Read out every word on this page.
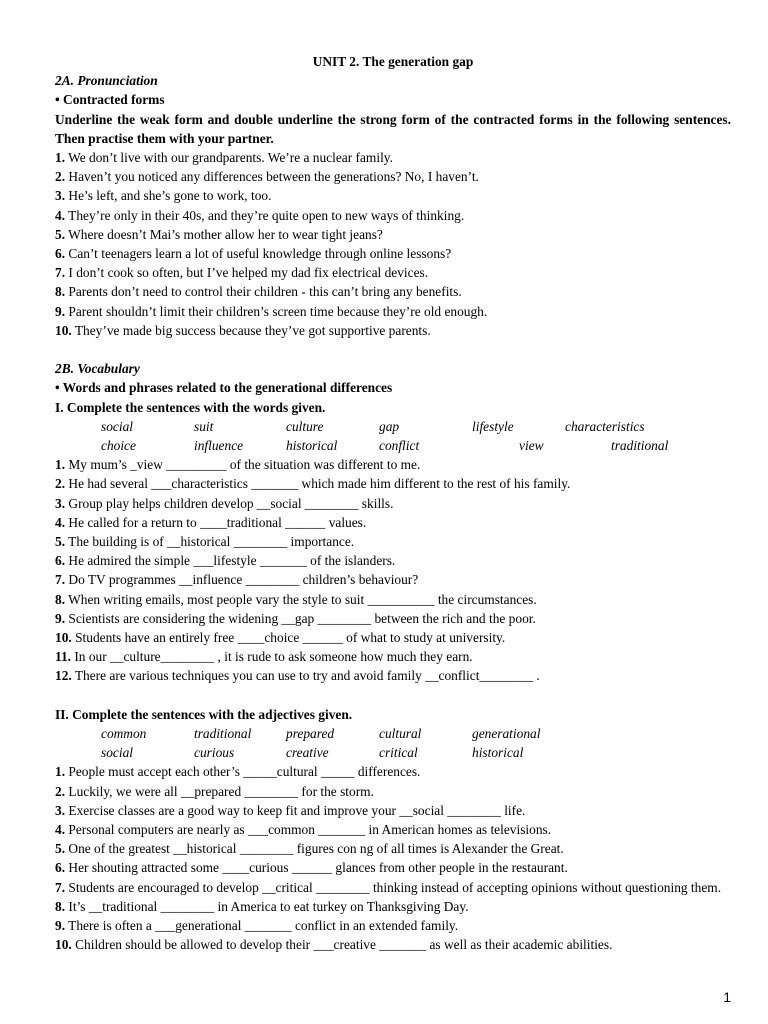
UNIT 2. The generation gap
2A. Pronunciation
• Contracted forms
Underline the weak form and double underline the strong form of the contracted forms in the following sentences. Then practise them with your partner.
1. We don’t live with our grandparents. We’re a nuclear family.
2. Haven’t you noticed any differences between the generations? No, I haven’t.
3. He’s left, and she’s gone to work, too.
4. They’re only in their 40s, and they’re quite open to new ways of thinking.
5. Where doesn’t Mai’s mother allow her to wear tight jeans?
6. Can’t teenagers learn a lot of useful knowledge through online lessons?
7. I don’t cook so often, but I’ve helped my dad fix electrical devices.
8. Parents don’t need to control their children - this can’t bring any benefits.
9. Parent shouldn’t limit their children’s screen time because they’re old enough.
10. They’ve made big success because they’ve got supportive parents.
2B. Vocabulary
• Words and phrases related to the generational differences
I. Complete the sentences with the words given.
social	suit	culture	gap	lifestyle	characteristics
choice	influence	historical	conflict	view	traditional
1. My mum’s _view _________ of the situation was different to me.
2. He had several ___characteristics _______ which made him different to the rest of his family.
3. Group play helps children develop __social ________ skills.
4. He called for a return to ____traditional ______ values.
5. The building is of __historical ________ importance.
6. He admired the simple ___lifestyle _______ of the islanders.
7. Do TV programmes __influence ________ children’s behaviour?
8. When writing emails, most people vary the style to suit __________ the circumstances.
9. Scientists are considering the widening __gap ________ between the rich and the poor.
10. Students have an entirely free ____choice ______ of what to study at university.
11. In our __culture________ , it is rude to ask someone how much they earn.
12. There are various techniques you can use to try and avoid family __conflict________ .
II. Complete the sentences with the adjectives given.
common	traditional	prepared	cultural	generational
social	curious	creative	critical	historical
1. People must accept each other’s _____cultural _____ differences.
2. Luckily, we were all __prepared ________ for the storm.
3. Exercise classes are a good way to keep fit and improve your __social ________ life.
4. Personal computers are nearly as ___common _______ in American homes as televisions.
5. One of the greatest __historical ________ figures con ng of all times is Alexander the Great.
6. Her shouting attracted some ____curious ______ glances from other people in the restaurant.
7. Students are encouraged to develop __critical ________ thinking instead of accepting opinions without questioning them.
8. It’s __traditional ________ in America to eat turkey on Thanksgiving Day.
9. There is often a ___generational _______ conflict in an extended family.
10. Children should be allowed to develop their ___creative _______ as well as their academic abilities.
1
